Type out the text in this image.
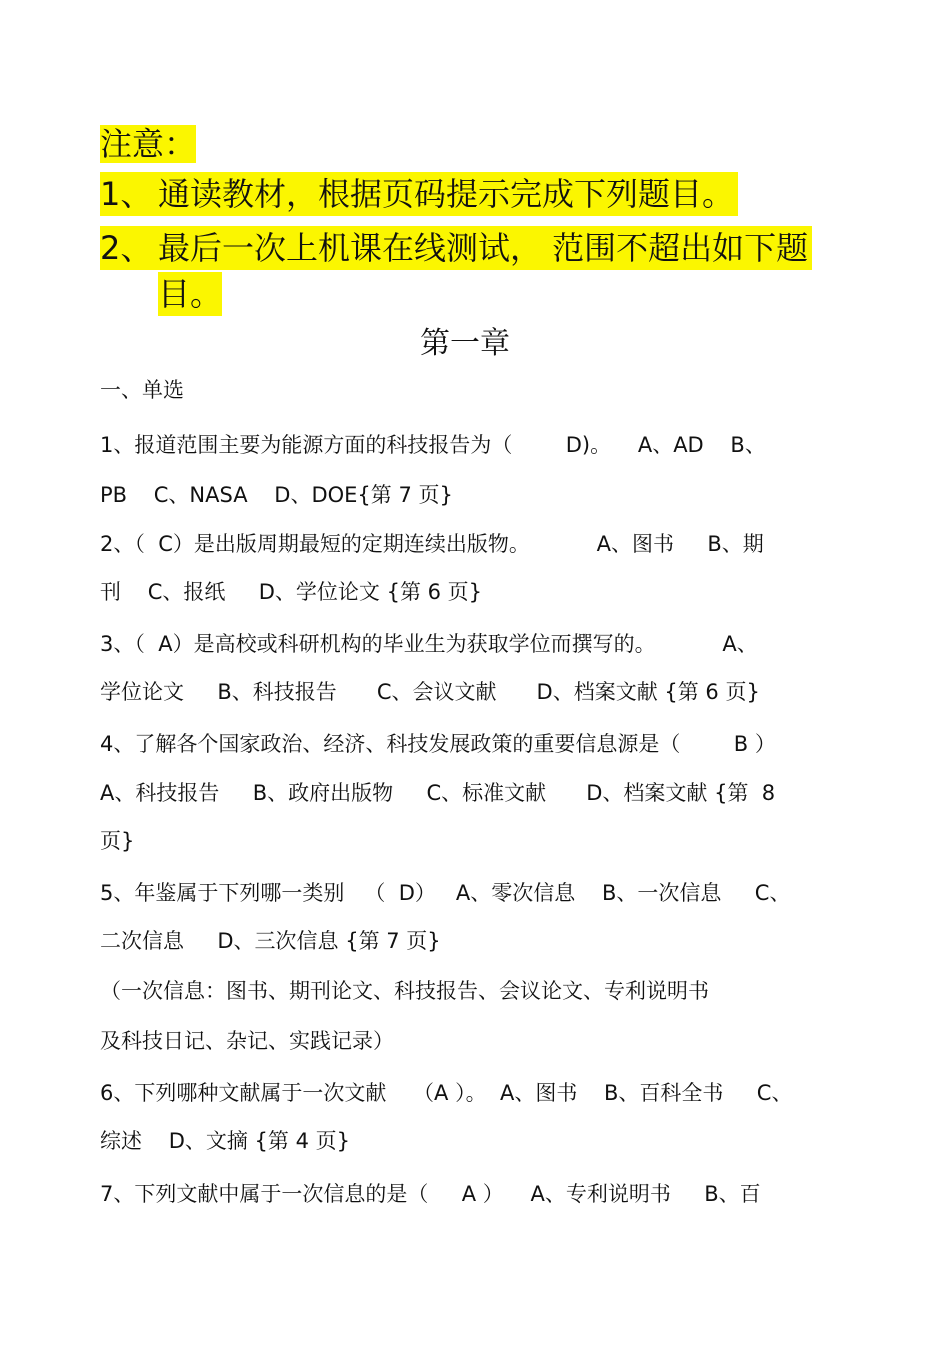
注意：
1、 通读教材，根据页码提示完成下列题目。
2、 最后一次上机课在线测试， 范围不超出如下题
目。
第一章
一、单选
1、报道范围主要为能源方面的科技报告为（        D)。    A、AD    B、
PB    C、NASA    D、DOE{第 7 页}
2、（  C）是出版周期最短的定期连续出版物。          A、图书     B、期
刊    C、报纸     D、学位论文 {第 6 页}
3、（  A）是高校或科研机构的毕业生为获取学位而撰写的。          A、
学位论文     B、科技报告      C、会议文献      D、档案文献 {第 6 页}
4、了解各个国家政治、经济、科技发展政策的重要信息源是（        B ）
A、科技报告     B、政府出版物     C、标准文献      D、档案文献 {第  8
页}
5、年鉴属于下列哪一类别   （  D）   A、零次信息    B、一次信息     C、
二次信息     D、三次信息 {第 7 页}
（一次信息：图书、期刊论文、科技报告、会议论文、专利说明书
及科技日记、杂记、实践记录）
6、下列哪种文献属于一次文献    （A ）。  A、图书    B、百科全书     C、
综述    D、文摘 {第 4 页}
7、下列文献中属于一次信息的是（     A ）    A、专利说明书     B、百
